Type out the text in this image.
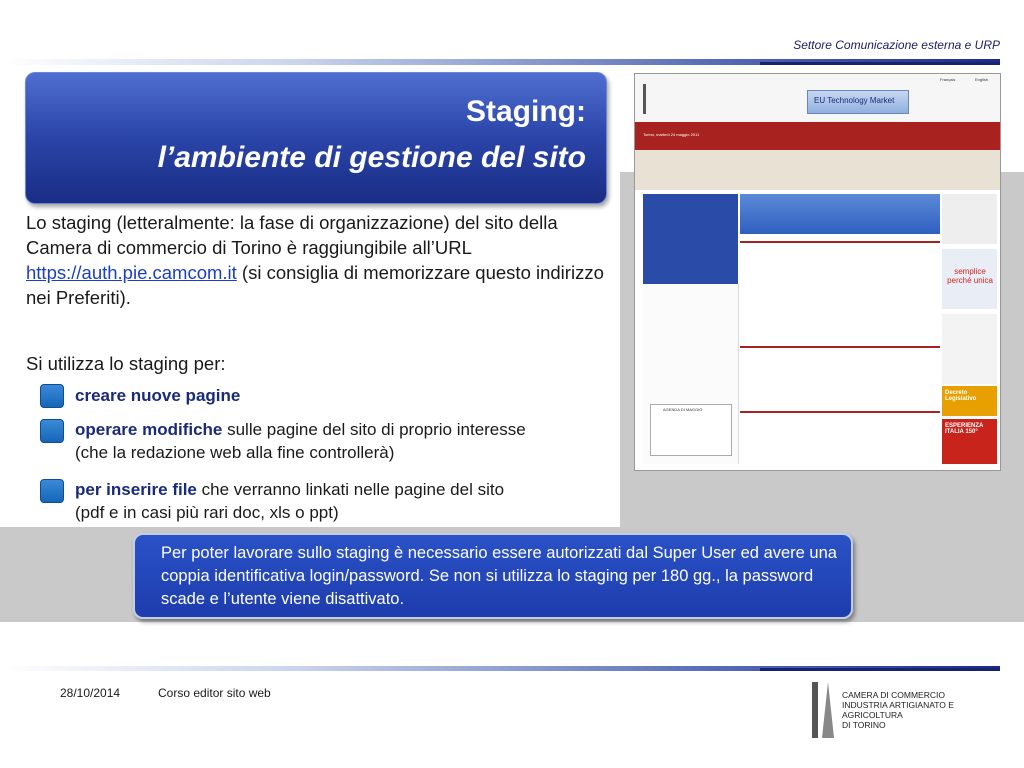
Settore Comunicazione esterna e URP
Staging:
l’ambiente di gestione del sito
Lo staging (letteralmente: la fase di organizzazione) del sito della Camera di commercio di Torino è raggiungibile all’URL https://auth.pie.camcom.it (si consiglia di memorizzare questo indirizzo nei Preferiti).
Si utilizza lo staging per:
creare nuove pagine
operare modifiche sulle pagine del sito di proprio interesse
(che la redazione web alla fine controllerà)
per inserire file che verranno linkati nelle pagine del sito
(pdf e in casi più rari doc, xls o ppt)
Français	English
EU Technology Market
Torino, martedì 24 maggio 2011
AGENDA DI MAGGIO
semplice perché unica
Decreto Legislativo
ESPERIENZA ITALIA 150°
Per poter lavorare sullo staging è necessario essere autorizzati dal Super User ed avere una coppia identificativa login/password. Se non si utilizza lo staging per 180 gg., la password scade e l’utente viene disattivato.
28/10/2014	Corso editor sito web	CAMERA DI COMMERCIO
INDUSTRIA ARTIGIANATO E AGRICOLTURA
DI TORINO
